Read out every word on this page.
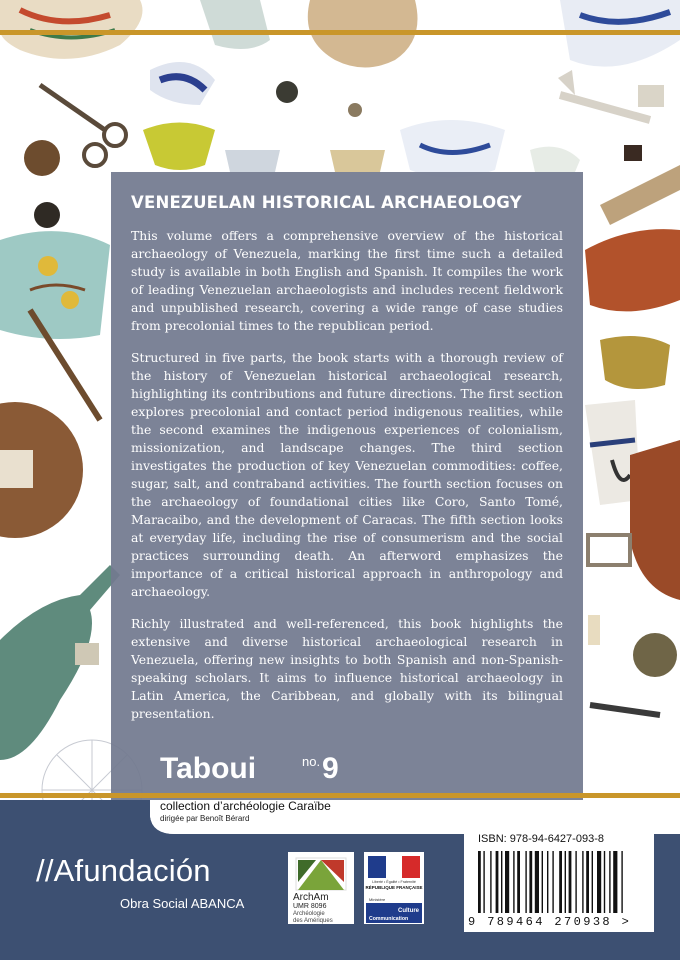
VENEZUELAN HISTORICAL ARCHAEOLOGY

This volume offers a comprehensive overview of the historical archaeology of Venezuela, marking the first time such a detailed study is available in both English and Spanish. It compiles the work of leading Venezuelan archaeologists and includes recent fieldwork and unpublished research, covering a wide range of case studies from precolonial times to the republican period.

Structured in five parts, the book starts with a thorough review of the history of Venezuelan historical archaeological research, highlighting its contributions and future directions. The first section explores precolonial and contact period indigenous realities, while the second examines the indigenous experiences of colonialism, missionization, and landscape changes. The third section investigates the production of key Venezuelan commodities: coffee, sugar, salt, and contraband activities. The fourth section focuses on the archaeology of foundational cities like Coro, Santo Tomé, Maracaibo, and the development of Caracas. The fifth section looks at everyday life, including the rise of consumerism and the social practices surrounding death. An afterword emphasizes the importance of a critical historical approach in anthropology and archaeology.

Richly illustrated and well-referenced, this book highlights the extensive and diverse historical archaeological research in Venezuela, offering new insights to both Spanish and non-Spanish-speaking scholars. It aims to influence historical archaeology in Latin America, the Caribbean, and globally with its bilingual presentation.

Taboui	no. 9
collection d’archéologie Caraïbe
dirigée par Benoît Bérard
//Afundación
Obra Social ABANCA	ArchAm
UMR 8096
Archéologie
des Amériques
Liberté • Égalité • Fraternité
RÉPUBLIQUE FRANÇAISE
Ministère
Culture
Communication
sidestonepress
ISBN: 978-94-6427-093-8
9 789464 270938 >
